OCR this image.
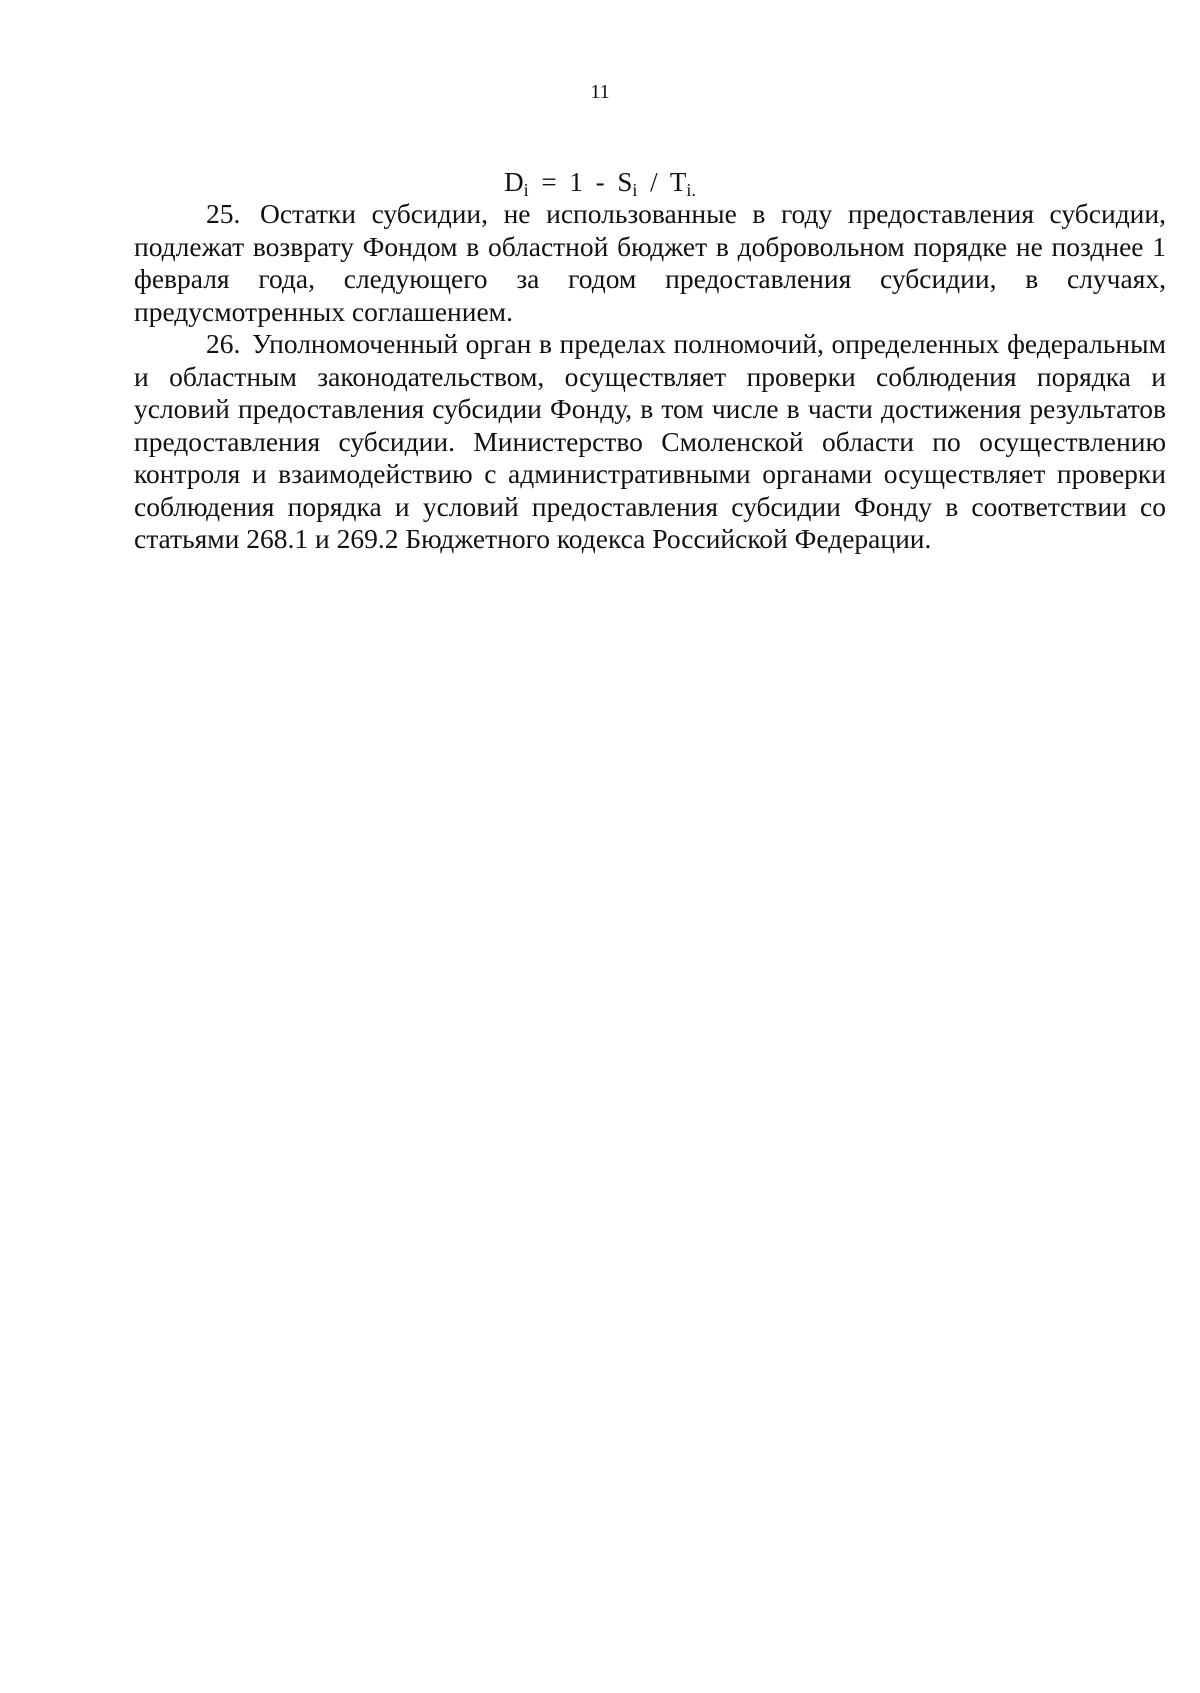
11
$D_i = 1 - S_i / T_{i.}$

25. Остатки субсидии, не использованные в году предоставления субсидии, подлежат возврату Фондом в областной бюджет в добровольном порядке не позднее 1 февраля года, следующего за годом предоставления субсидии, в случаях, предусмотренных соглашением.

26. Уполномоченный орган в пределах полномочий, определенных федеральным и областным законодательством, осуществляет проверки соблюдения порядка и условий предоставления субсидии Фонду, в том числе в части достижения результатов предоставления субсидии. Министерство Смоленской области по осуществлению контроля и взаимодействию с административными органами осуществляет проверки соблюдения порядка и условий предоставления субсидии Фонду в соответствии со статьями 268.1 и 269.2 Бюджетного кодекса Российской Федерации.
